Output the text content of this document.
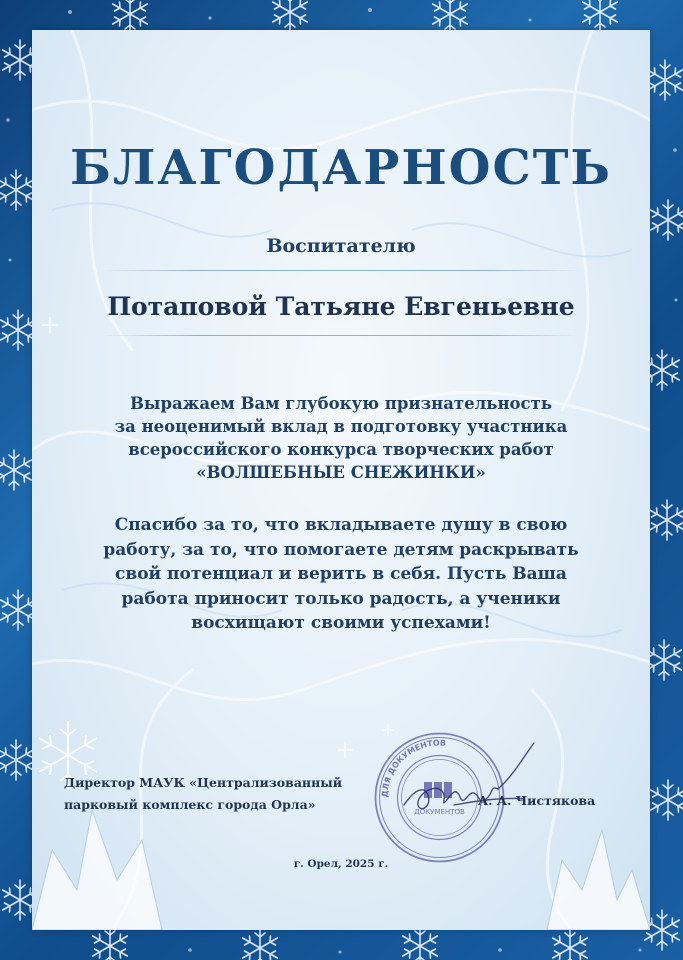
БЛАГОДАРНОСТЬ
Воспитателю
Потаповой Татьяне Евгеньевне

Выражаем Вам глубокую признательность
за неоценимый вклад в подготовку участника
всероссийского конкурса творческих работ
«ВОЛШЕБНЫЕ СНЕЖИНКИ»

Спасибо за то, что вкладываете душу в свою
работу, за то, что помогаете детям раскрывать
свой потенциал и верить в себя. Пусть Ваша
работа приносит только радость, а ученики
восхищают своими успехами!

Директор МАУК «Централизованный
парковый комплекс города Орла»
ДЛЯ ДОКУМЕНТОВ
ДОКУМЕНТОВ
А. А. Чистякова
г. Орел, 2025 г.
